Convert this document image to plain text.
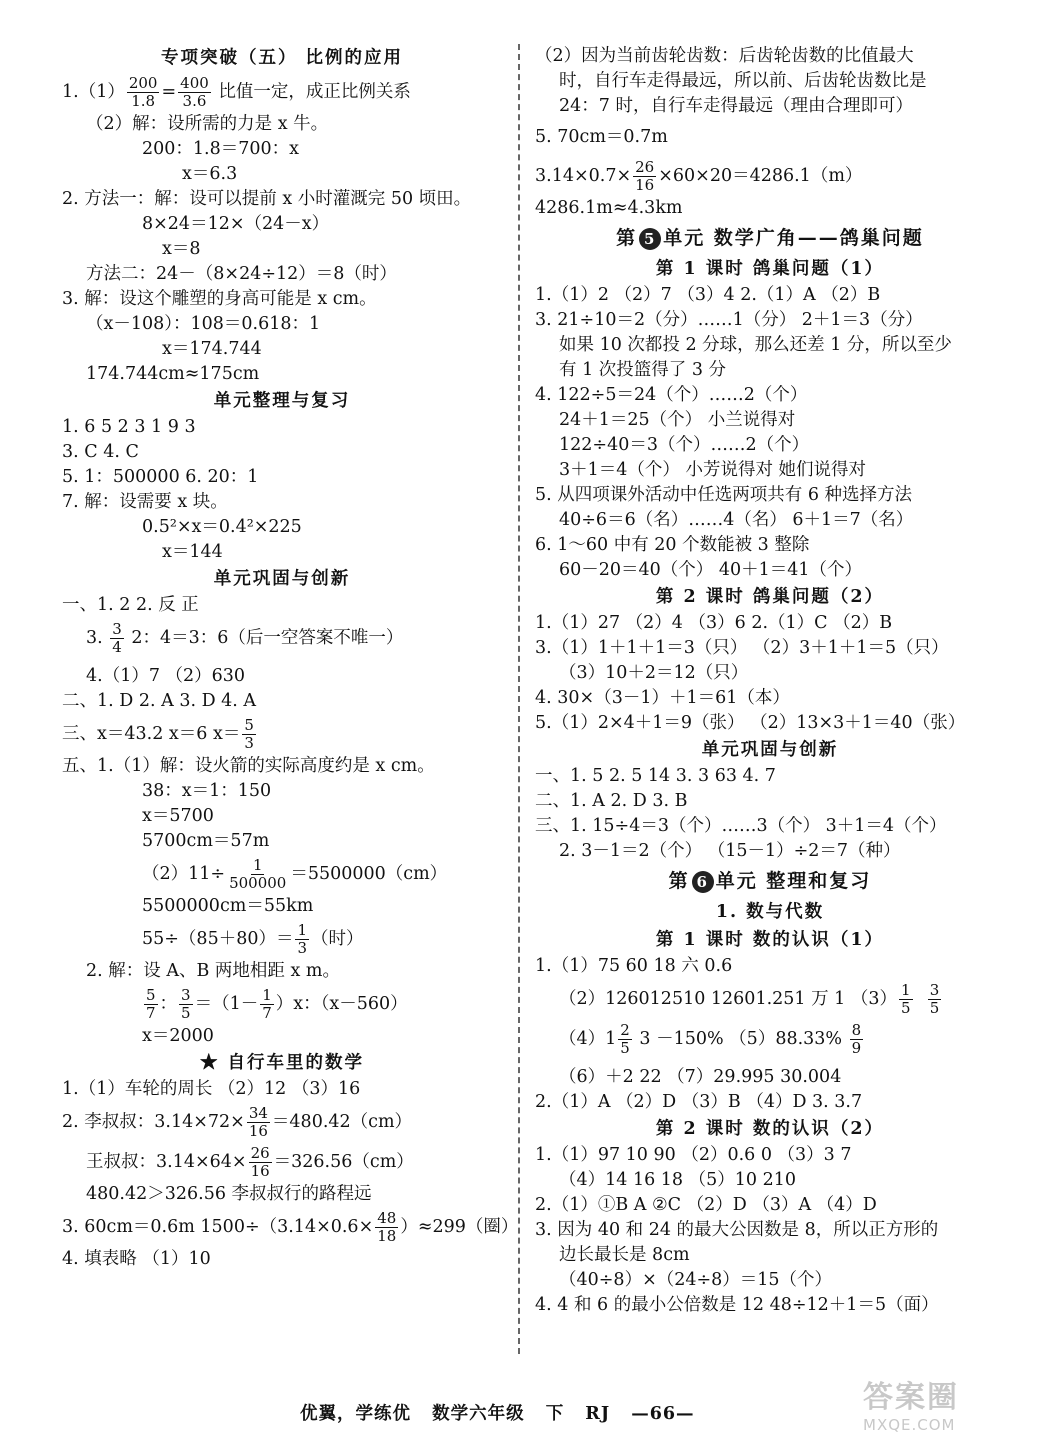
专项突破（五） 比例的应用
$1.(1) \frac{200}{1.8} = \frac{400}{3.6}$ 比值一定，成正比例关系
（2）解：设所需的力是 x 牛。
200：1.8＝700：x
x＝6.3
2. 方法一：解：设可以提前 x 小时灌溉完 50 顷田。
8×24＝12×（24－x）
x＝8
方法二：24－（8×24÷12）＝8（时）
3. 解：设这个雕塑的身高可能是 x cm。
（x－108）：108＝0.618：1
x＝174.744
174.744cm≈175cm
单元整理与复习
1. 6 5 2 3 1 9 3
3. C 4. C
5. 1：500000 6. 20：1
7. 解：设需要 x 块。
0.5²×x＝0.4²×225
x＝144
单元巩固与创新
一、1. 2 2. 反 正
3. $\frac{3}{4} 2$：4＝3：6（后一空答案不唯一）
4.（1）7 （2）630
二、1. D 2. A 3. D 4. A
三、x＝43.2 x＝6 $x= \frac{5}{3}$
五、1.（1）解：设火箭的实际高度约是 x cm。
38：x＝1：150
x＝5700
5700cm＝57m
$(2)11\div \frac{1}{500000} =5500000(cm)$
5500000cm＝55km
$55\div(85+80)= \frac{1}{3}$ （时）
2. 解：设 A、B 两地相距 x m。
$\frac{5}{7}$ ： $\frac{3}{5} =(1- \frac{1}{7} )x$：（x－560）
x＝2000
★ 自行车里的数学
1.（1）车轮的周长 （2）12 （3）16
2. 李叔叔：$3.14\times 72\times \frac{34}{16} =480.42(cm)$
王叔叔：$3.14\times 64\times \frac{26}{16} =326.56(cm)$
480.42＞326.56 李叔叔行的路程远
3. 60cm＝0.6m $1500\div(3.14\times 0.6\times \frac{48}{18} )\approx 299$（圈）
4. 填表略 （1）10
（2）因为当前齿轮齿数：后齿轮齿数的比值最大
时，自行车走得最远，所以前、后齿轮齿数比是
24：7 时，自行车走得最远（理由合理即可）
5. 70cm＝0.7m
$3.14\times 0.7\times \frac{26}{16} \times 60\times 20=4286.1(m)$
4286.1m≈4.3km
第 5 单元 数学广角——鸽巢问题
第 1 课时 鸽巢问题（1）
1.（1）2 （2）7 （3）4 2.（1）A （2）B
3. 21÷10＝2（分）……1（分） 2＋1＝3（分）
如果 10 次都投 2 分球，那么还差 1 分，所以至少
有 1 次投篮得了 3 分
4. 122÷5＝24（个）……2（个）
24＋1＝25（个） 小兰说得对
122÷40＝3（个）……2（个）
3＋1＝4（个） 小芳说得对 她们说得对
5. 从四项课外活动中任选两项共有 6 种选择方法
40÷6＝6（名）……4（名） 6＋1＝7（名）
6. 1～60 中有 20 个数能被 3 整除
60－20＝40（个） 40＋1＝41（个）
第 2 课时 鸽巢问题（2）
1.（1）27 （2）4 （3）6 2.（1）C （2）B
3.（1）1＋1＋1＝3（只） （2）3＋1＋1＝5（只）
（3）10＋2＝12（只）
4. 30×（3－1）＋1＝61（本）
5.（1）2×4＋1＝9（张） （2）13×3＋1＝40（张）
单元巩固与创新
一、1. 5 2. 5 14 3. 3 63 4. 7
二、1. A 2. D 3. B
三、1. 15÷4＝3（个）……3（个） 3＋1＝4（个）
2. 3－1＝2（个） （15－1）÷2＝7（种）
第 6 单元 整理和复习
1. 数与代数
第 1 课时 数的认识（1）
1.（1）75 60 18 六 0.6
（2）126012510 12601.251 万 1 $(3) \frac{1}{5}$
$\frac{3}{5}$
$(4)1 \frac{2}{5} 3 -150\%$ $(5)88.33\% \frac{8}{9}$
（6）＋2 22 （7）29.995 30.004
2.（1）A （2）D （3）B （4）D 3. 3.7
第 2 课时 数的认识（2）
1.（1）97 10 90 （2）0.6 0 （3）3 7
（4）14 16 18 （5）10 210
2.（1）①B A ②C （2）D （3）A （4）D
3. 因为 40 和 24 的最大公因数是 8，所以正方形的
边长最长是 8cm
（40÷8）×（24÷8）＝15（个）
4. 4 和 6 的最小公倍数是 12 48÷12＋1＝5（面）
优翼，学练优 数学六年级 下 RJ —66—	答案圈
MXQE.COM
